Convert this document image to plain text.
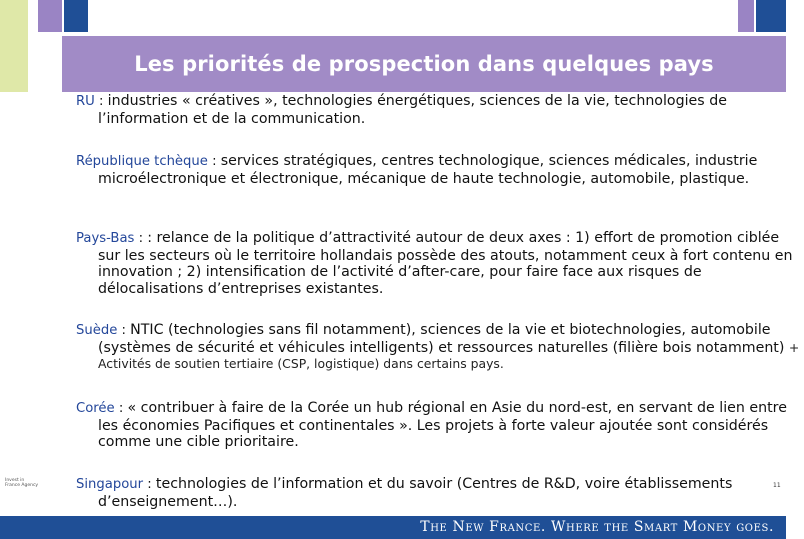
Les priorités de prospection dans quelques pays
RU : industries « créatives », technologies énergétiques, sciences de la vie, technologies de l’information et de la communication.
République tchèque : services stratégiques, centres technologique, sciences médicales, industrie microélectronique et électronique, mécanique de haute technologie, automobile, plastique.
Pays-Bas : : relance de la politique d’attractivité autour de deux axes : 1) effort de promotion ciblée sur les secteurs où le territoire hollandais possède des atouts, notamment ceux à fort contenu en innovation ; 2) intensification de l’activité d’after-care, pour faire face aux risques de délocalisations d’entreprises existantes.
Suède : NTIC (technologies sans fil notamment), sciences de la vie et biotechnologies, automobile (systèmes de sécurité et véhicules intelligents) et ressources naturelles (filière bois notamment) + Activités de soutien tertiaire (CSP, logistique) dans certains pays.
Corée : « contribuer à faire de la Corée un hub régional en Asie du nord-est, en servant de lien entre les économies Pacifiques et continentales ». Les projets à forte valeur ajoutée sont considérés comme une cible prioritaire.
Singapour : technologies de l’information et du savoir (Centres de R&D, voire établissements d’enseignement…).
Invest in
France Agency	11
The New France. Where the Smart Money goes.
